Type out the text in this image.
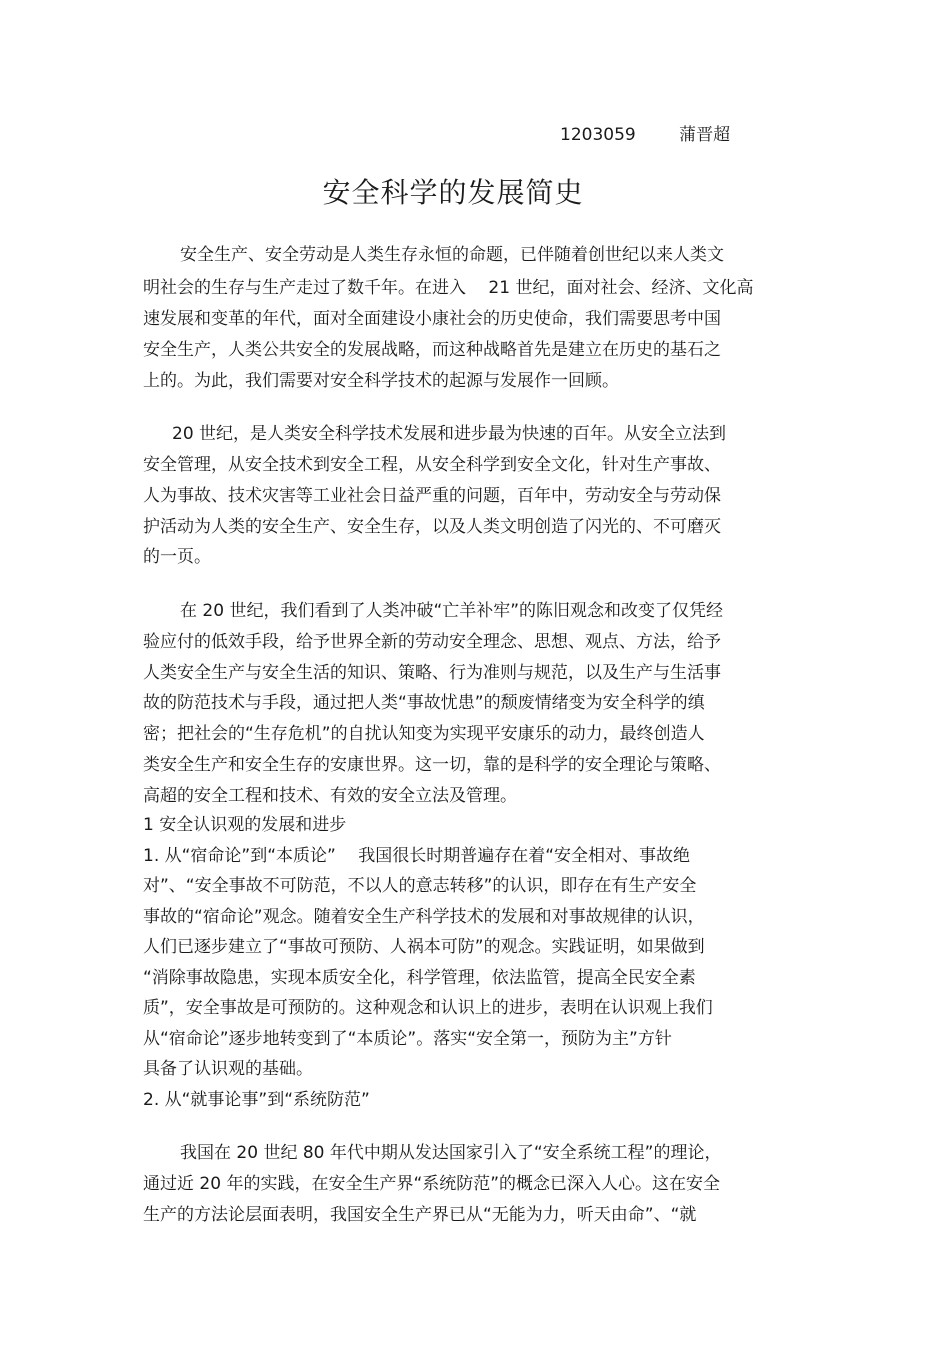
1203059	蒲晋超
安全科学的发展简史
安全生产、安全劳动是人类生存永恒的命题，已伴随着创世纪以来人类文
明社会的生存与生产走过了数千年。在进入　 21 世纪，面对社会、经济、文化高
速发展和变革的年代，面对全面建设小康社会的历史使命，我们需要思考中国
安全生产，人类公共安全的发展战略，而这种战略首先是建立在历史的基石之
上的。为此，我们需要对安全科学技术的起源与发展作一回顾。
20 世纪，是人类安全科学技术发展和进步最为快速的百年。从安全立法到
安全管理，从安全技术到安全工程，从安全科学到安全文化，针对生产事故、
人为事故、技术灾害等工业社会日益严重的问题，百年中，劳动安全与劳动保
护活动为人类的安全生产、安全生存，以及人类文明创造了闪光的、不可磨灭
的一页。
在 20 世纪，我们看到了人类冲破“亡羊补牢”的陈旧观念和改变了仅凭经
验应付的低效手段，给予世界全新的劳动安全理念、思想、观点、方法，给予
人类安全生产与安全生活的知识、策略、行为准则与规范，以及生产与生活事
故的防范技术与手段，通过把人类“事故忧患”的颓废情绪变为安全科学的缜
密；把社会的“生存危机”的自扰认知变为实现平安康乐的动力，最终创造人
类安全生产和安全生存的安康世界。这一切，靠的是科学的安全理论与策略、
高超的安全工程和技术、有效的安全立法及管理。
1 安全认识观的发展和进步
1. 从“宿命论”到“本质论”　 我国很长时期普遍存在着“安全相对、事故绝
对”、“安全事故不可防范，不以人的意志转移”的认识，即存在有生产安全
事故的“宿命论”观念。随着安全生产科学技术的发展和对事故规律的认识，
人们已逐步建立了“事故可预防、人祸本可防”的观念。实践证明，如果做到
“消除事故隐患，实现本质安全化，科学管理，依法监管，提高全民安全素
质”，安全事故是可预防的。这种观念和认识上的进步，表明在认识观上我们
从“宿命论”逐步地转变到了“本质论”。落实“安全第一，预防为主”方针
具备了认识观的基础。
2. 从“就事论事”到“系统防范”
我国在 20 世纪 80 年代中期从发达国家引入了“安全系统工程”的理论，
通过近 20 年的实践，在安全生产界“系统防范”的概念已深入人心。这在安全
生产的方法论层面表明，我国安全生产界已从“无能为力，听天由命”、“就
